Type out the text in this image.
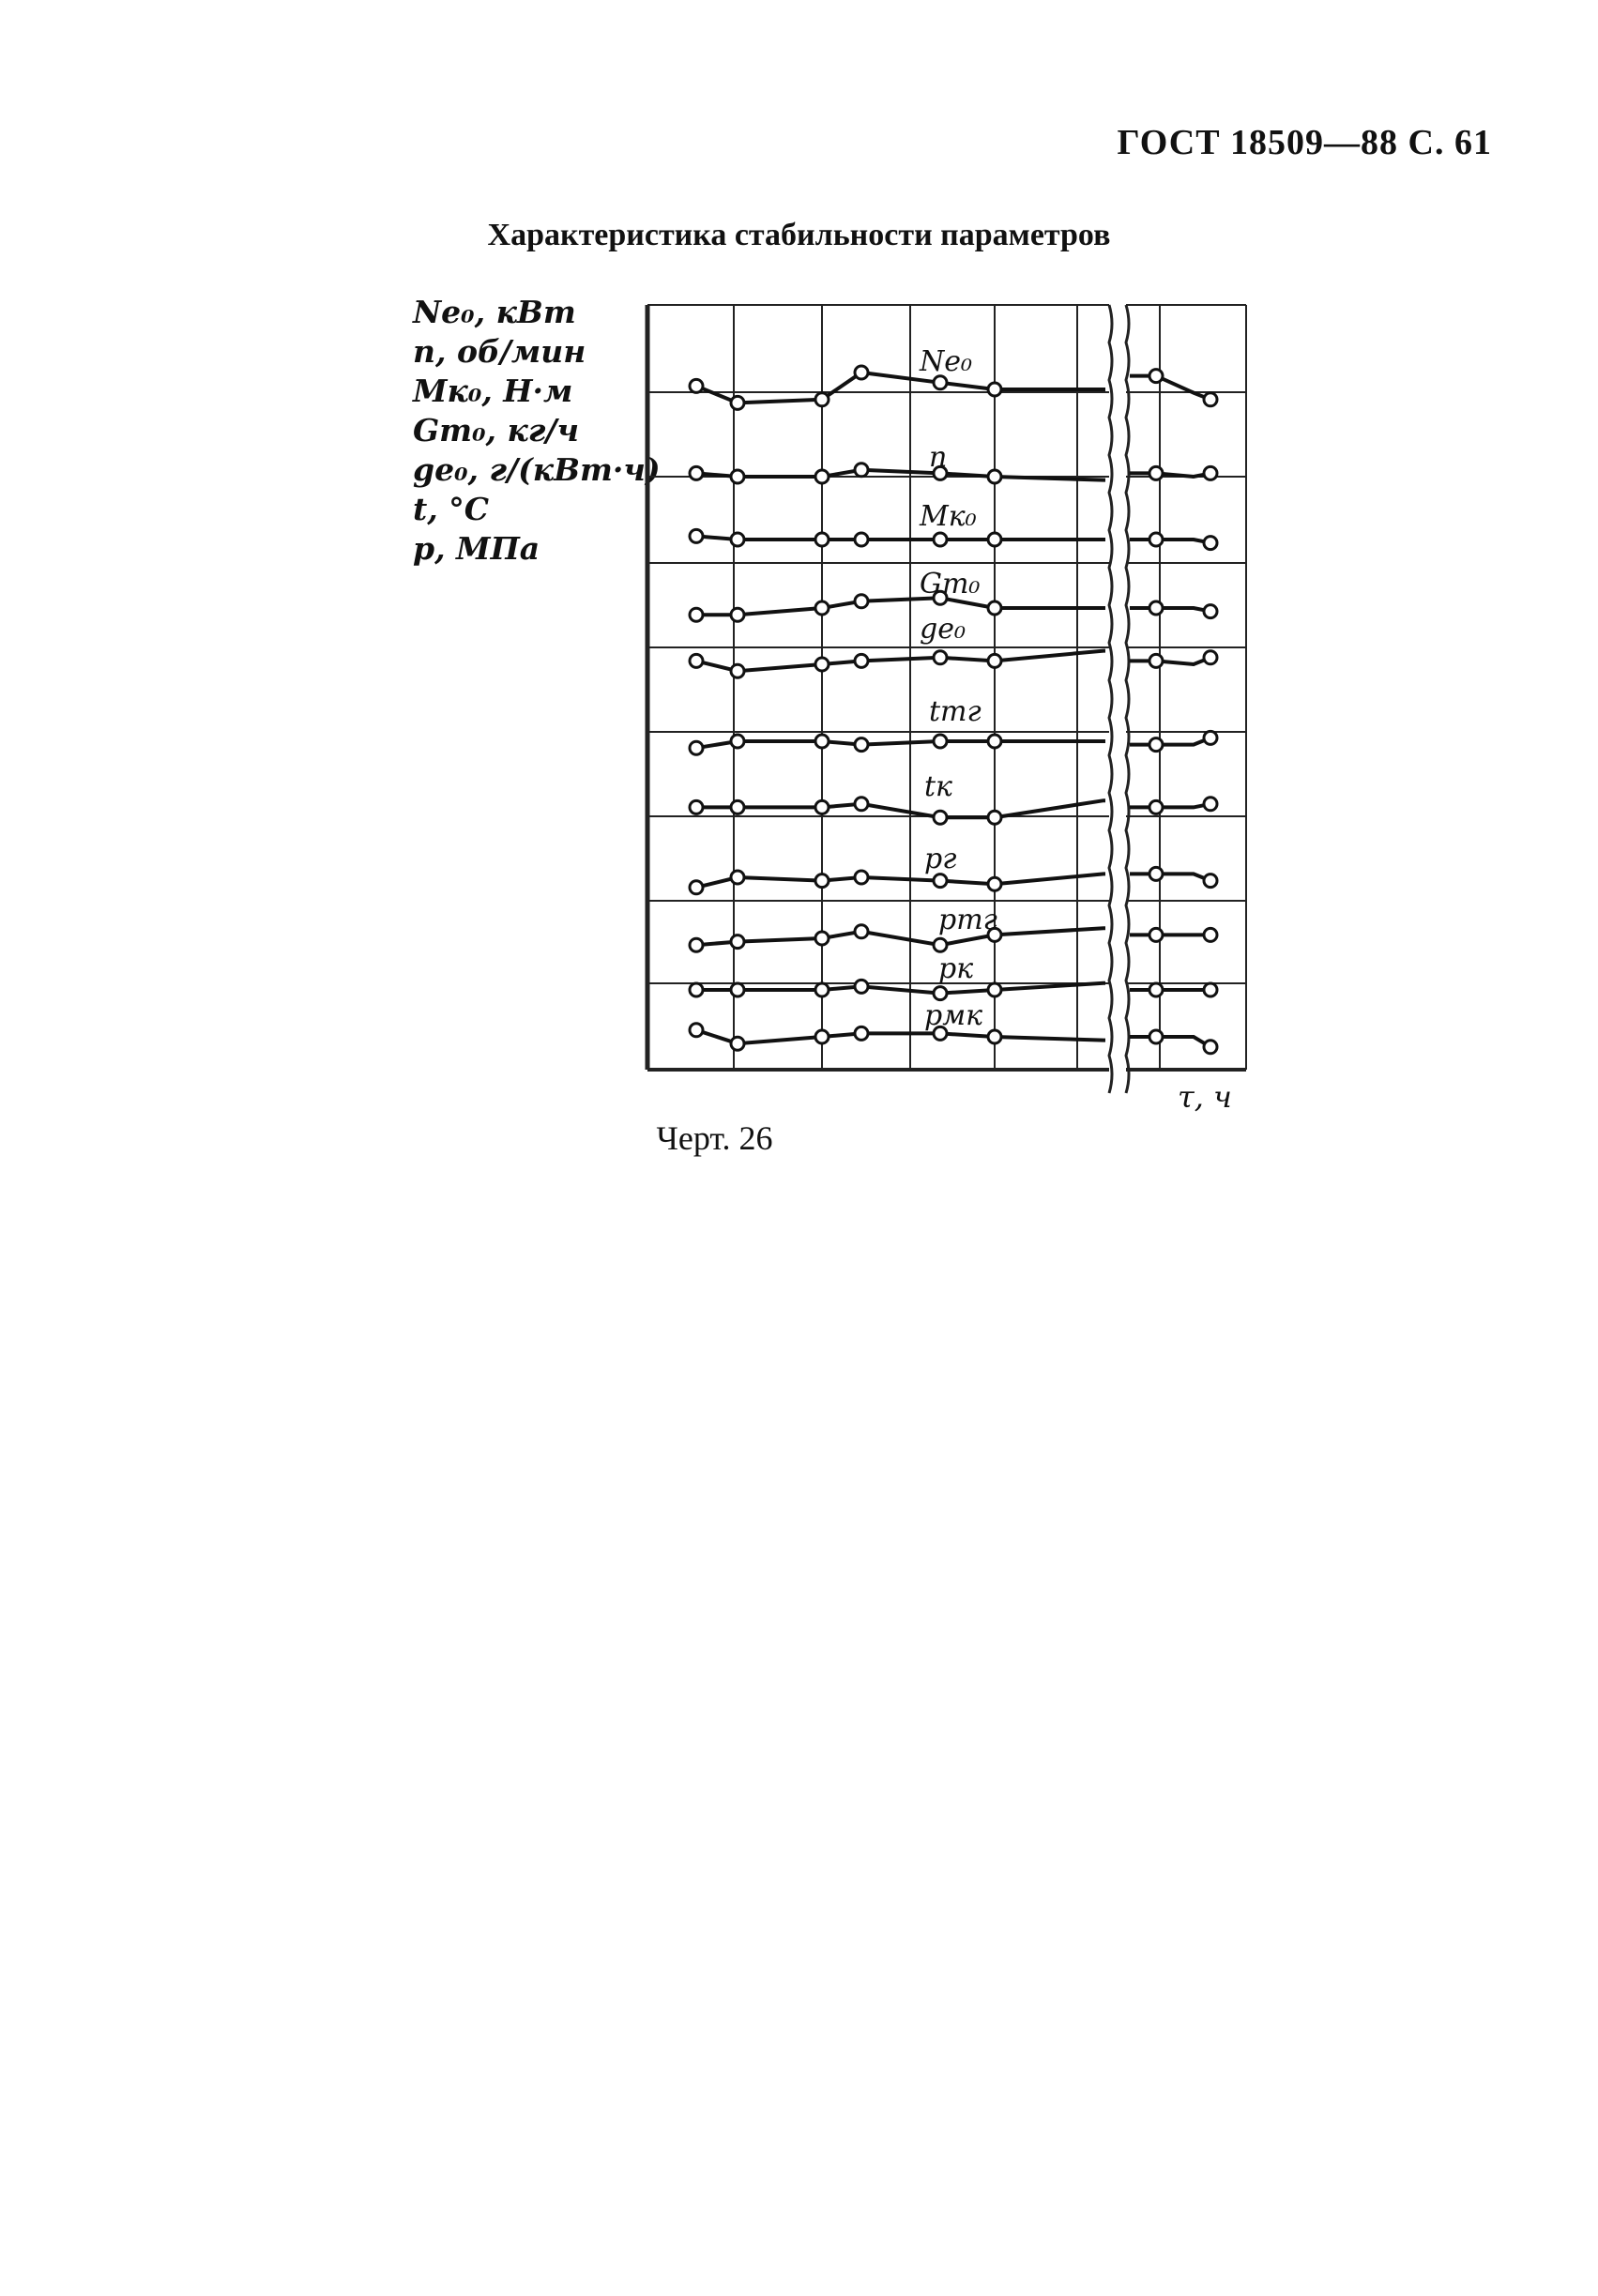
ГОСТ 18509—88 С. 61
Характеристика стабильности параметров
Ne₀, кВт
n, об/мин
Mк₀, Н·м
Gт₀, кг/ч
ge₀, г/(кВт·ч)
t, °C
p, МПа
Ne₀
n
Mк₀
Gт₀
ge₀
tтг
tк
pг
pтг
pк
pмк
τ, ч
Черт. 26
